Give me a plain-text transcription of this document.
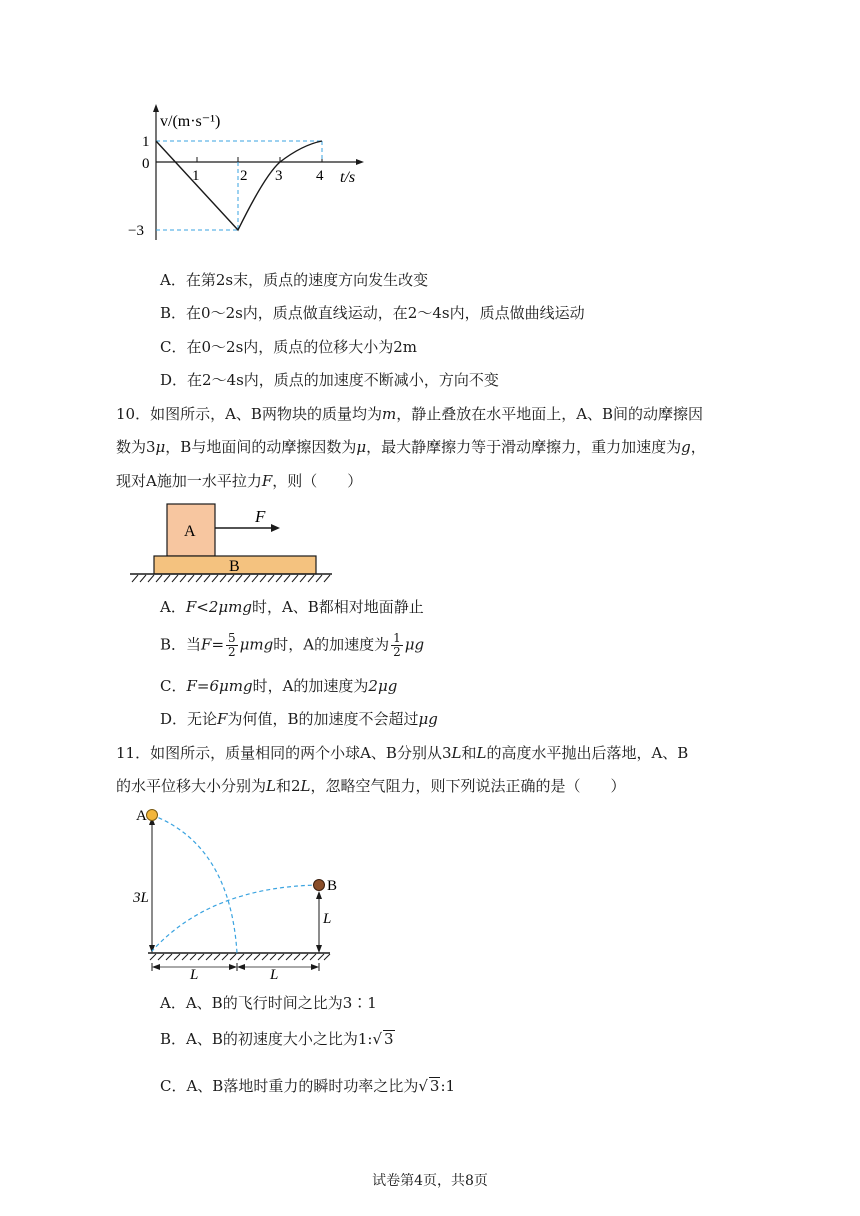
v/(m·s⁻¹)
t/s
0
1
−3
1	2 3 4
A．在第2s末，质点的速度方向发生改变
B．在0～2s内，质点做直线运动，在2～4s内，质点做曲线运动
C．在0～2s内，质点的位移大小为2m
D．在2～4s内，质点的加速度不断减小，方向不变
10．如图所示，A、B两物块的质量均为m，静止叠放在水平地面上，A、B间的动摩擦因
数为3μ，B与地面间的动摩擦因数为μ，最大静摩擦力等于滑动摩擦力，重力加速度为g，
现对A施加一水平拉力F，则（　　）
A
B
F
A．F<2μmg时，A、B都相对地面静止
B．当$F= \frac{5}{2}$ μmg时，A的加速度为 $\frac{1}{2}$ μg
C．F=6μmg时，A的加速度为2μg
D．无论F为何值，B的加速度不会超过μg
11．如图所示，质量相同的两个小球A、B分别从3L和L的高度水平抛出后落地，A、B
的水平位移大小分别为L和2L，忽略空气阻力，则下列说法正确的是（　　）
A
B
3L
L
L	L
A．A、B的飞行时间之比为3∶1
B．A、B的初速度大小之比为1:√ 3
C．A、B落地时重力的瞬时功率之比为√ 3:1
试卷第4页，共8页
